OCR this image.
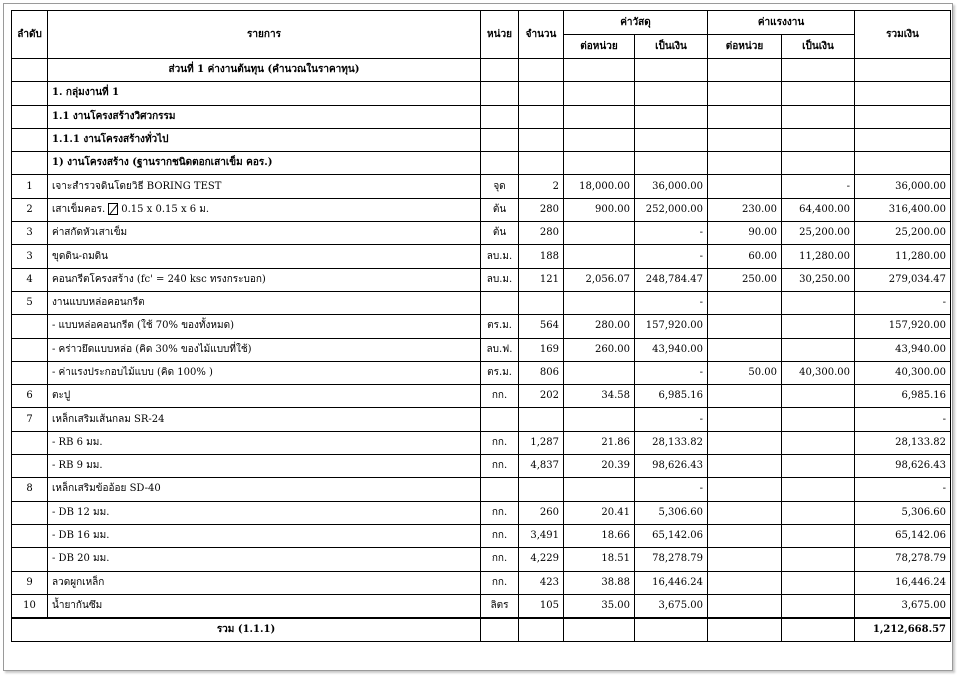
ลำดับ	รายการ	หน่วย	จำนวน	ค่าวัสดุ		ค่าแรงงาน		รวมเงิน
				ต่อหน่วย	เป็นเงิน	ต่อหน่วย	เป็นเงิน	
	ส่วนที่ 1 ค่างานต้นทุน (คำนวณในราคาทุน)							
	1. กลุ่มงานที่ 1							
	1.1 งานโครงสร้างวิศวกรรม							
	1.1.1 งานโครงสร้างทั่วไป							
	1) งานโครงสร้าง (ฐานรากชนิดตอกเสาเข็ม คอร.)							
1	เจาะสำรวจดินโดยวิธี BORING TEST	จุด	2	18,000.00	36,000.00		-	36,000.00
2	เสาเข็มคอร. 0.15 x 0.15 x 6 ม.	ต้น	280	900.00	252,000.00	230.00	64,400.00	316,400.00
3	ค่าสกัดหัวเสาเข็ม	ต้น	280		-	90.00	25,200.00	25,200.00
3	ขุดดิน-ถมดิน	ลบ.ม.	188		-	60.00	11,280.00	11,280.00
4	คอนกรีตโครงสร้าง (fc' = 240 ksc ทรงกระบอก)	ลบ.ม.	121	2,056.07	248,784.47	250.00	30,250.00	279,034.47
5	งานแบบหล่อคอนกรีต				-			-
	- แบบหล่อคอนกรีต (ใช้ 70% ของทั้งหมด)	ตร.ม.	564	280.00	157,920.00			157,920.00
	- คร่าวยึดแบบหล่อ (คิด 30% ของไม้แบบที่ใช้)	ลบ.ฟ.	169	260.00	43,940.00			43,940.00
	- ค่าแรงประกอบไม้แบบ (คิด 100% )	ตร.ม.	806		-	50.00	40,300.00	40,300.00
6	ตะปู	กก.	202	34.58	6,985.16			6,985.16
7	เหล็กเสริมเส้นกลม SR-24				-			-
	- RB 6 มม.	กก.	1,287	21.86	28,133.82			28,133.82
	- RB 9 มม.	กก.	4,837	20.39	98,626.43			98,626.43
8	เหล็กเสริมข้ออ้อย SD-40				-			-
	- DB 12 มม.	กก.	260	20.41	5,306.60			5,306.60
	- DB 16 มม.	กก.	3,491	18.66	65,142.06			65,142.06
	- DB 20 มม.	กก.	4,229	18.51	78,278.79			78,278.79
9	ลวดผูกเหล็ก	กก.	423	38.88	16,446.24			16,446.24
10	น้ำยากันซึม	ลิตร	105	35.00	3,675.00			3,675.00
รวม (1.1.1)								1,212,668.57
